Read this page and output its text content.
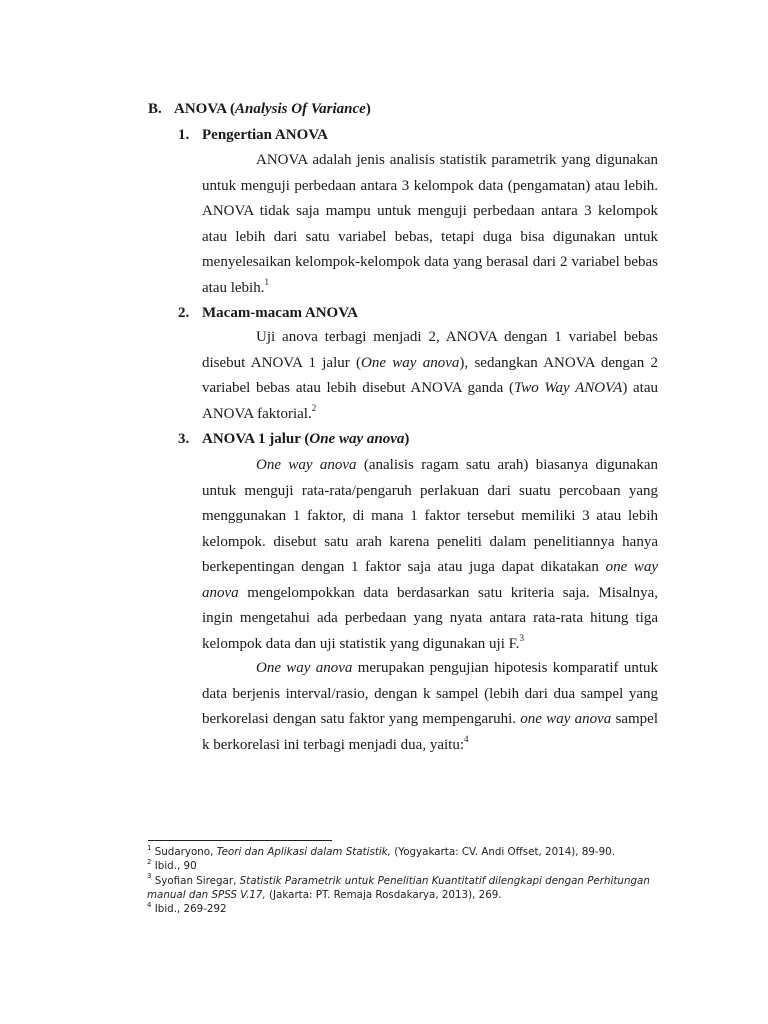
B. ANOVA (Analysis Of Variance)
1. Pengertian ANOVA
ANOVA adalah jenis analisis statistik parametrik yang digunakan untuk menguji perbedaan antara 3 kelompok data (pengamatan) atau lebih. ANOVA tidak saja mampu untuk menguji perbedaan antara 3 kelompok atau lebih dari satu variabel bebas, tetapi duga bisa digunakan untuk menyelesaikan kelompok-kelompok data yang berasal dari 2 variabel bebas atau lebih.$^1$
2. Macam-macam ANOVA
Uji anova terbagi menjadi 2, ANOVA dengan 1 variabel bebas disebut ANOVA 1 jalur (One way anova), sedangkan ANOVA dengan 2 variabel bebas atau lebih disebut ANOVA ganda (Two Way ANOVA) atau ANOVA faktorial.$^2$
3. ANOVA 1 jalur (One way anova)
One way anova (analisis ragam satu arah) biasanya digunakan untuk menguji rata-rata/pengaruh perlakuan dari suatu percobaan yang menggunakan 1 faktor, di mana 1 faktor tersebut memiliki 3 atau lebih kelompok. disebut satu arah karena peneliti dalam penelitiannya hanya berkepentingan dengan 1 faktor saja atau juga dapat dikatakan one way anova mengelompokkan data berdasarkan satu kriteria saja. Misalnya, ingin mengetahui ada perbedaan yang nyata antara rata-rata hitung tiga kelompok data dan uji statistik yang digunakan uji F.$^3$
One way anova merupakan pengujian hipotesis komparatif untuk data berjenis interval/rasio, dengan k sampel (lebih dari dua sampel yang berkorelasi dengan satu faktor yang mempengaruhi. one way anova sampel k berkorelasi ini terbagi menjadi dua, yaitu:$^4$
$^1$ Sudaryono, Teori dan Aplikasi dalam Statistik, (Yogyakarta: CV. Andi Offset, 2014), 89-90.
$^2$ Ibid., 90
$^3$ Syofian Siregar, Statistik Parametrik untuk Penelitian Kuantitatif dilengkapi dengan Perhitungan manual dan SPSS V.17, (Jakarta: PT. Remaja Rosdakarya, 2013), 269.
$^4$ Ibid., 269-292
